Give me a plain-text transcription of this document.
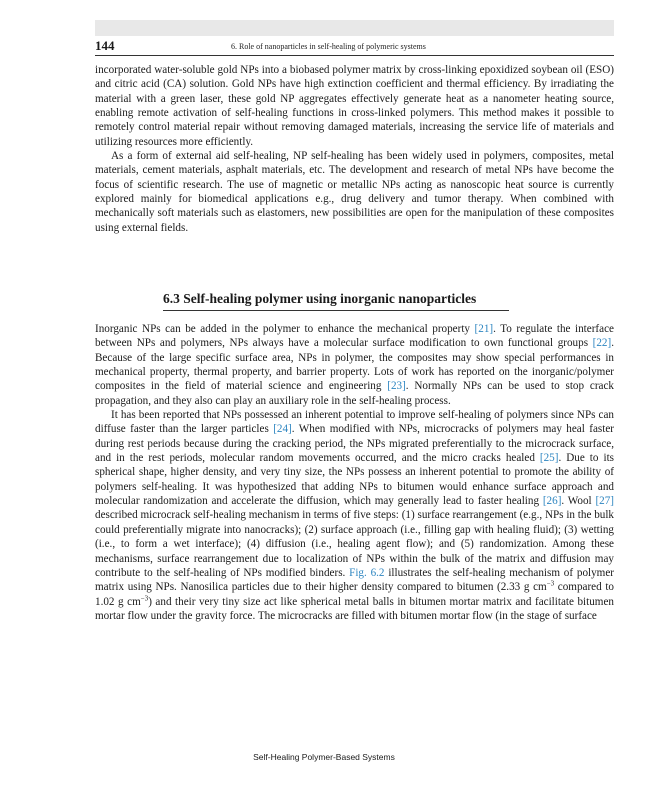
144	6. Role of nanoparticles in self-healing of polymeric systems

incorporated water-soluble gold NPs into a biobased polymer matrix by cross-linking epoxidized soybean oil (ESO) and citric acid (CA) solution. Gold NPs have high extinction coefficient and thermal efficiency. By irradiating the material with a green laser, these gold NP aggregates effectively generate heat as a nanometer heating source, enabling remote activation of self-healing functions in cross-linked polymers. This method makes it possible to remotely control material repair without removing damaged materials, increasing the service life of materials and utilizing resources more efficiently.

As a form of external aid self-healing, NP self-healing has been widely used in polymers, composites, metal materials, cement materials, asphalt materials, etc. The development and research of metal NPs have become the focus of scientific research. The use of magnetic or metallic NPs acting as nanoscopic heat source is currently explored mainly for biomedical applications e.g., drug delivery and tumor therapy. When combined with mechanically soft materials such as elastomers, new possibilities are open for the manipulation of these composites using external fields.

6.3 Self-healing polymer using inorganic nanoparticles

Inorganic NPs can be added in the polymer to enhance the mechanical property [21]. To regulate the interface between NPs and polymers, NPs always have a molecular surface modification to own functional groups [22]. Because of the large specific surface area, NPs in polymer, the composites may show special performances in mechanical property, thermal property, and barrier property. Lots of work has reported on the inorganic/polymer composites in the field of material science and engineering [23]. Normally NPs can be used to stop crack propagation, and they also can play an auxiliary role in the self-healing process.

It has been reported that NPs possessed an inherent potential to improve self-healing of polymers since NPs can diffuse faster than the larger particles [24]. When modified with NPs, microcracks of polymers may heal faster during rest periods because during the cracking period, the NPs migrated preferentially to the microcrack surface, and in the rest periods, molecular random movements occurred, and the micro cracks healed [25]. Due to its spherical shape, higher density, and very tiny size, the NPs possess an inherent potential to promote the ability of polymers self-healing. It was hypothesized that adding NPs to bitumen would enhance surface approach and molecular randomization and accelerate the diffusion, which may generally lead to faster healing [26]. Wool [27] described microcrack self-healing mechanism in terms of five steps: (1) surface rearrangement (e.g., NPs in the bulk could preferentially migrate into nanocracks); (2) surface approach (i.e., filling gap with healing fluid); (3) wetting (i.e., to form a wet interface); (4) diffusion (i.e., healing agent flow); and (5) randomization. Among these mechanisms, surface rearrangement due to localization of NPs within the bulk of the matrix and diffusion may contribute to the self-healing of NPs modified binders. Fig. 6.2 illustrates the self-healing mechanism of polymer matrix using NPs. Nanosilica particles due to their higher density compared to bitumen (2.33 g $cm^{-3}$ compared to 1.02 g $cm^{-3}$) and their very tiny size act like spherical metal balls in bitumen mortar matrix and facilitate bitumen mortar flow under the gravity force. The microcracks are filled with bitumen mortar flow (in the stage of surface

Self-Healing Polymer-Based Systems
